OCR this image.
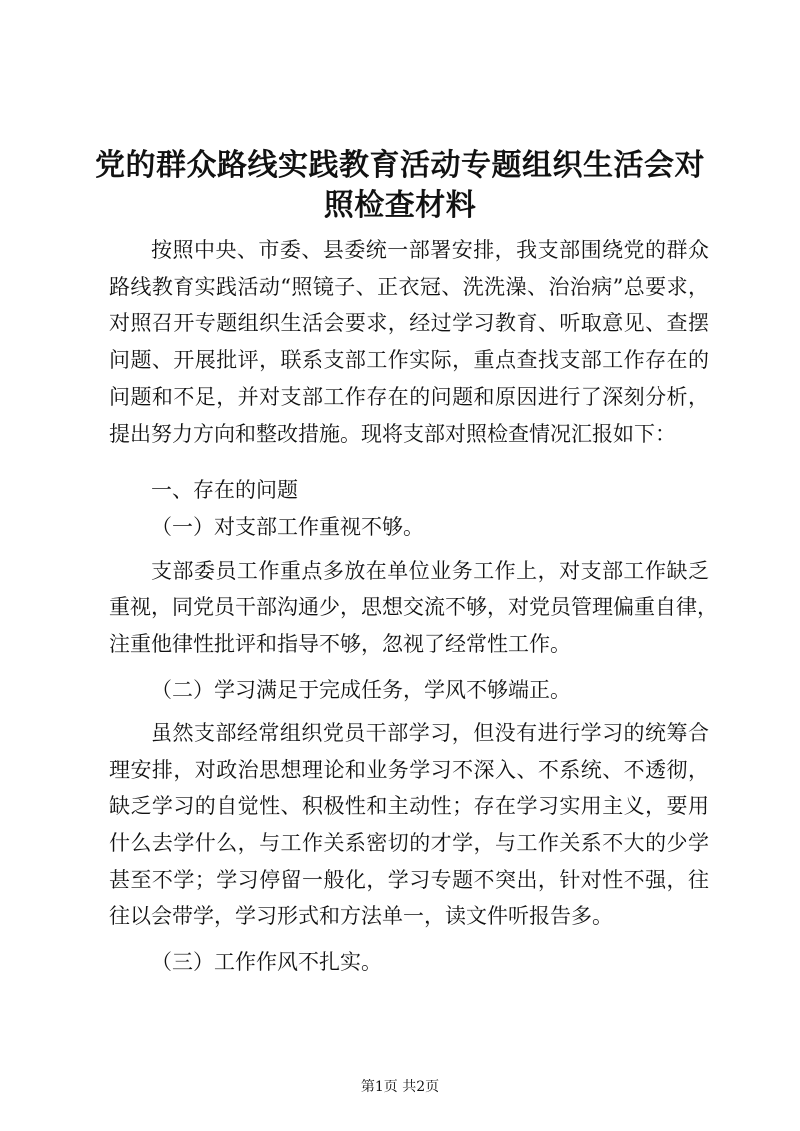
党的群众路线实践教育活动专题组织生活会对
照检查材料

按照中央、市委、县委统一部署安排，我支部围绕党的群众

路线教育实践活动“照镜子、正衣冠、洗洗澡、治治病”总要求，

对照召开专题组织生活会要求，经过学习教育、听取意见、查摆

问题、开展批评，联系支部工作实际，重点查找支部工作存在的

问题和不足，并对支部工作存在的问题和原因进行了深刻分析，

提出努力方向和整改措施。现将支部对照检查情况汇报如下：

一、存在的问题

（一）对支部工作重视不够。

支部委员工作重点多放在单位业务工作上，对支部工作缺乏

重视，同党员干部沟通少，思想交流不够，对党员管理偏重自律，

注重他律性批评和指导不够，忽视了经常性工作。

（二）学习满足于完成任务，学风不够端正。

虽然支部经常组织党员干部学习，但没有进行学习的统筹合

理安排，对政治思想理论和业务学习不深入、不系统、不透彻，

缺乏学习的自觉性、积极性和主动性；存在学习实用主义，要用

什么去学什么，与工作关系密切的才学，与工作关系不大的少学

甚至不学；学习停留一般化，学习专题不突出，针对性不强，往

往以会带学，学习形式和方法单一，读文件听报告多。

（三）工作作风不扎实。

第1页 共2页
